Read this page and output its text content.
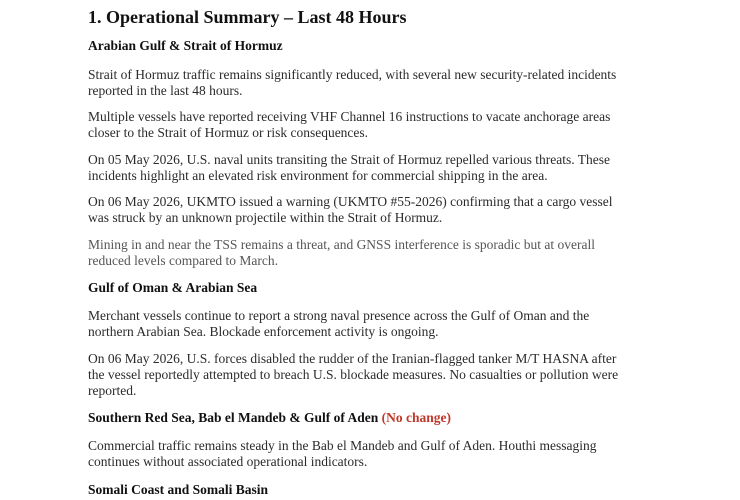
1. Operational Summary – Last 48 Hours
Arabian Gulf & Strait of Hormuz

Strait of Hormuz traffic remains significantly reduced, with several new security-related incidents
reported in the last 48 hours.

Multiple vessels have reported receiving VHF Channel 16 instructions to vacate anchorage areas
closer to the Strait of Hormuz or risk consequences.

On 05 May 2026, U.S. naval units transiting the Strait of Hormuz repelled various threats. These
incidents highlight an elevated risk environment for commercial shipping in the area.

On 06 May 2026, UKMTO issued a warning (UKMTO #55-2026) confirming that a cargo vessel
was struck by an unknown projectile within the Strait of Hormuz.

Mining in and near the TSS remains a threat, and GNSS interference is sporadic but at overall
reduced levels compared to March.

Gulf of Oman & Arabian Sea

Merchant vessels continue to report a strong naval presence across the Gulf of Oman and the
northern Arabian Sea. Blockade enforcement activity is ongoing.

On 06 May 2026, U.S. forces disabled the rudder of the Iranian-flagged tanker M/T HASNA after
the vessel reportedly attempted to breach U.S. blockade measures. No casualties or pollution were
reported.

Southern Red Sea, Bab el Mandeb & Gulf of Aden (No change)

Commercial traffic remains steady in the Bab el Mandeb and Gulf of Aden. Houthi messaging
continues without associated operational indicators.

Somali Coast and Somali Basin
